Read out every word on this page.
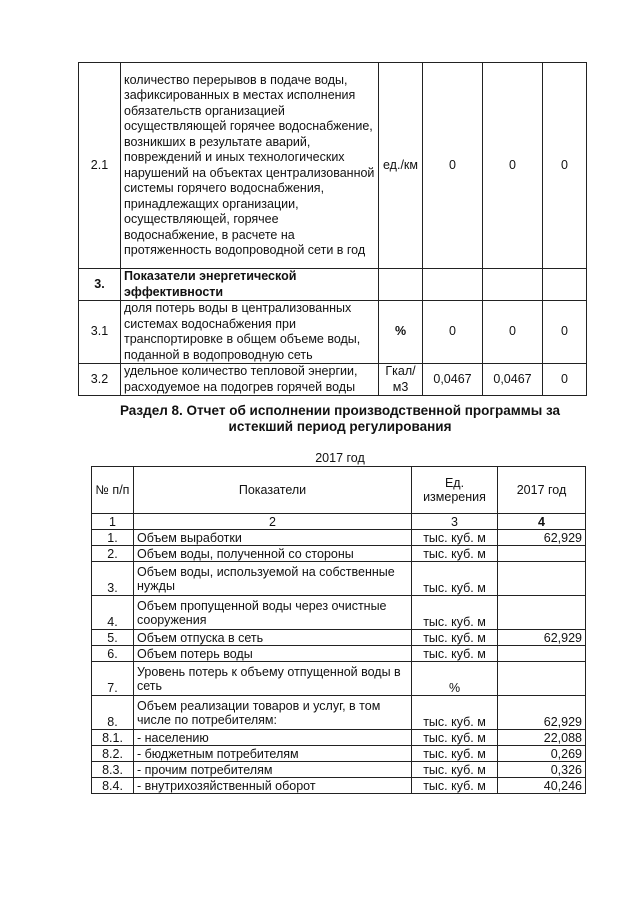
2.1	количество перерывов в подаче воды, зафиксированных в местах исполнения обязательств организацией осуществляющей горячее водоснабжение, возникших в результате аварий, повреждений и иных технологических нарушений на объектах централизованной системы горячего водоснабжения, принадлежащих организации, осуществляющей, горячее водоснабжение, в расчете на протяженность водопроводной сети в год	ед./км	0	0	0
3.	Показатели энергетической эффективности				
3.1	доля потерь воды в централизованных системах водоснабжения при транспортировке в общем объеме воды, поданной в водопроводную сеть	%	0	0	0
3.2	удельное количество тепловой энергии, расходуемое на подогрев горячей воды	Гкал/м3	0,0467	0,0467	0
Раздел 8. Отчет об исполнении производственной программы за истекший период регулирования
2017 год
№ п/п	Показатели	Ед. измерения	2017 год
1	2	3	4
1.	Объем выработки	тыс. куб. м	62,929
2.	Объем воды, полученной со стороны	тыс. куб. м	
3.	Объем воды, используемой на собственные нужды	тыс. куб. м	
4.	Объем пропущенной воды через очистные сооружения	тыс. куб. м	
5.	Объем отпуска в сеть	тыс. куб. м	62,929
6.	Объем потерь воды	тыс. куб. м	
7.	Уровень потерь к объему отпущенной воды в сеть	%	
8.	Объем реализации товаров и услуг, в том числе по потребителям:	тыс. куб. м	62,929
8.1.	- населению	тыс. куб. м	22,088
8.2.	- бюджетным потребителям	тыс. куб. м	0,269
8.3.	- прочим потребителям	тыс. куб. м	0,326
8.4.	- внутрихозяйственный оборот	тыс. куб. м	40,246
